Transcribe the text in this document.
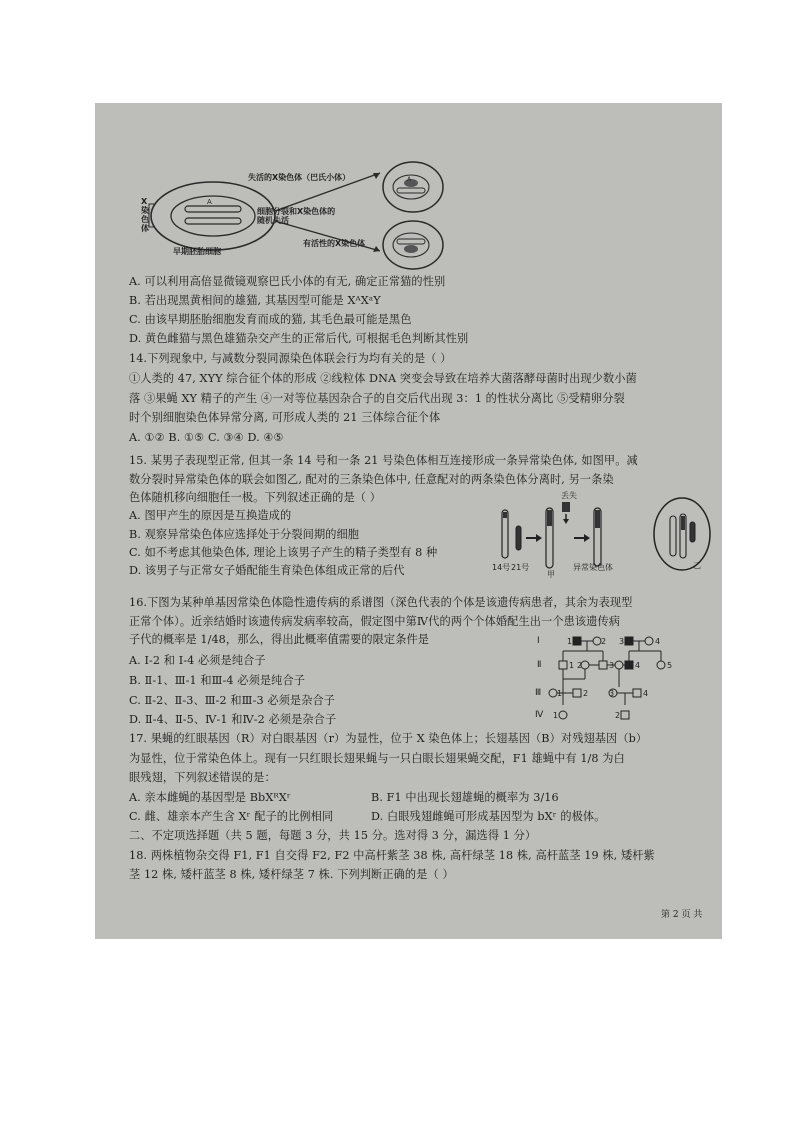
A
A
失活的X染色体（巴氏小体）
细胞分裂和X染色体的随机失活
有活性的X染色体
X染色体
早期胚胎细胞
A. 可以利用高倍显微镜观察巴氏小体的有无, 确定正常猫的性别
B. 若出现黑黄相间的雄猫, 其基因型可能是 XᴬXᵃY
C. 由该早期胚胎细胞发育而成的猫, 其毛色最可能是黑色
D. 黄色雌猫与黑色雄猫杂交产生的正常后代, 可根据毛色判断其性别
14.下列现象中, 与减数分裂同源染色体联会行为均有关的是（ ）
①人类的 47, XYY 综合征个体的形成 ②线粒体 DNA 突变会导致在培养大菌落酵母菌时出现少数小菌
落 ③果蝇 XY 精子的产生 ④一对等位基因杂合子的自交后代出现 3：1 的性状分离比 ⑤受精卵分裂
时个别细胞染色体异常分离, 可形成人类的 21 三体综合征个体
A. ①② B. ①⑤ C. ③④ D. ④⑤
15. 某男子表现型正常, 但其一条 14 号和一条 21 号染色体相互连接形成一条异常染色体, 如图甲。减
数分裂时异常染色体的联会如图乙, 配对的三条染色体中, 任意配对的两条染色体分离时, 另一条染
色体随机移向细胞任一极。下列叙述正确的是（ ）
A. 图甲产生的原因是互换造成的
B. 观察异常染色体应选择处于分裂间期的细胞
C. 如不考虑其他染色体, 理论上该男子产生的精子类型有 8 种
D. 该男子与正常女子婚配能生育染色体组成正常的后代	14号 21号
甲
丢失
异常染色体	乙
16.下图为某种单基因常染色体隐性遗传病的系谱图（深色代表的个体是该遗传病患者，其余为表现型
正常个体）。近亲结婚时该遗传病发病率较高，假定图中第Ⅳ代的两个个体婚配生出一个患该遗传病
子代的概率是 1/48，那么，得出此概率值需要的限定条件是
A. Ⅰ-2 和 Ⅰ-4 必须是纯合子
B. Ⅱ-1、Ⅲ-1 和Ⅲ-4 必须是纯合子
C. Ⅱ-2、Ⅱ-3、Ⅲ-2 和Ⅲ-3 必须是杂合子
D. Ⅱ-4、Ⅱ-5、Ⅳ-1 和Ⅳ-2 必须是杂合子
Ⅰ
Ⅱ
Ⅲ
Ⅳ
1	2 3	4
1 2	3	4	5
1	2	3	4
1	2
17. 果蝇的红眼基因（R）对白眼基因（r）为显性，位于 X 染色体上；长翅基因（B）对残翅基因（b）
为显性，位于常染色体上。现有一只红眼长翅果蝇与一只白眼长翅果蝇交配，F1 雄蝇中有 1/8 为白
眼残翅，下列叙述错误的是：
A. 亲本雌蝇的基因型是 BbXᴿXʳ	B. F1 中出现长翅雄蝇的概率为 3/16
C. 雌、雄亲本产生含 Xʳ 配子的比例相同	D. 白眼残翅雌蝇可形成基因型为 bXʳ 的极体。
二、不定项选择题（共 5 题，每题 3 分，共 15 分。选对得 3 分，漏选得 1 分）
18. 两株植物杂交得 F1, F1 自交得 F2, F2 中高杆紫茎 38 株, 高杆绿茎 18 株, 高杆蓝茎 19 株, 矮杆紫
茎 12 株, 矮杆蓝茎 8 株, 矮杆绿茎 7 株. 下列判断正确的是（ ）
第 2 页 共
